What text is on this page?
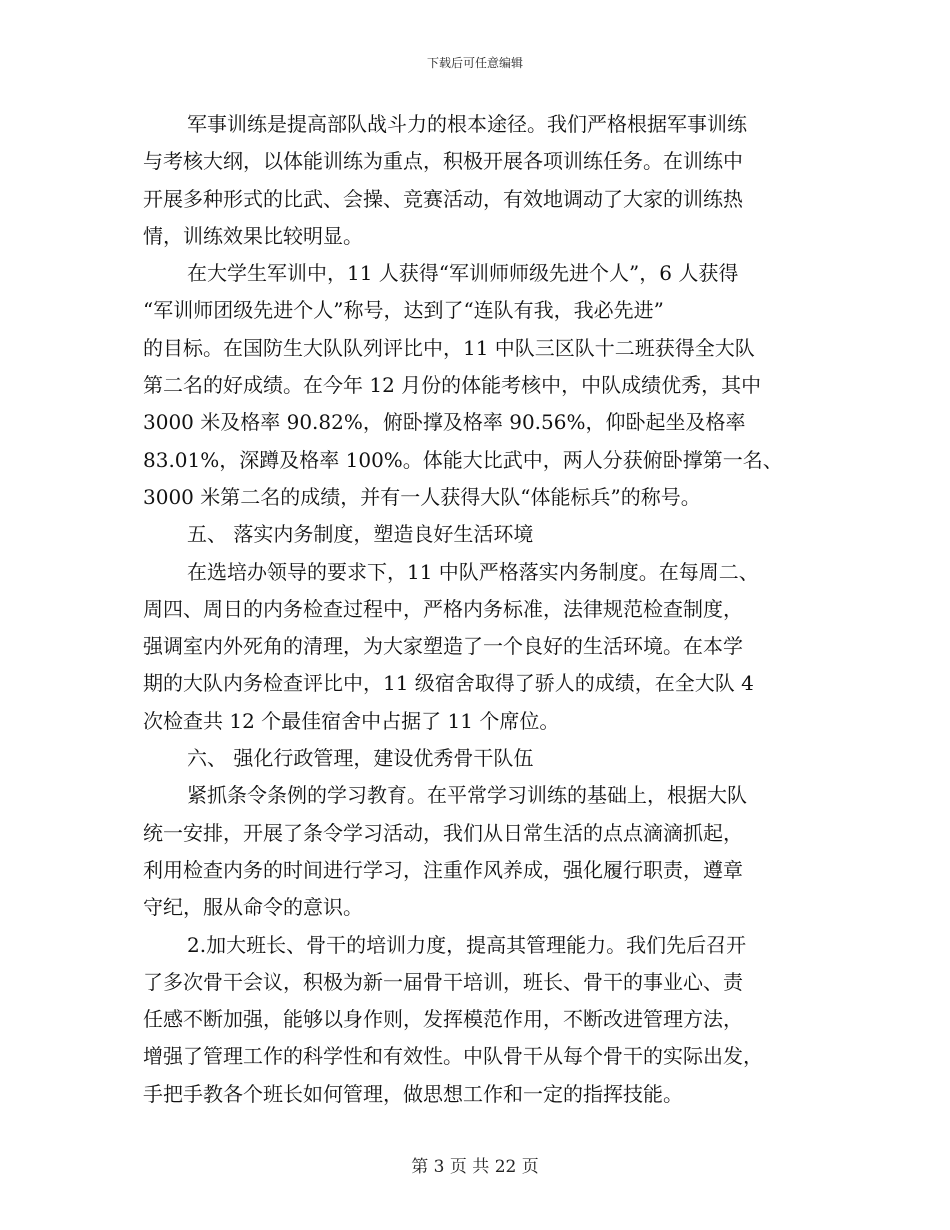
下载后可任意编辑
军事训练是提高部队战斗力的根本途径。我们严格根据军事训练
与考核大纲，以体能训练为重点，积极开展各项训练任务。在训练中
开展多种形式的比武、会操、竞赛活动，有效地调动了大家的训练热
情，训练效果比较明显。
在大学生军训中，11 人获得“军训师师级先进个人”，6 人获得
“军训师团级先进个人”称号，达到了“连队有我，我必先进”
的目标。在国防生大队队列评比中，11 中队三区队十二班获得全大队
第二名的好成绩。在今年 12 月份的体能考核中，中队成绩优秀，其中
3000 米及格率 90.82%，俯卧撑及格率 90.56%，仰卧起坐及格率
83.01%，深蹲及格率 100%。体能大比武中，两人分获俯卧撑第一名、
3000 米第二名的成绩，并有一人获得大队“体能标兵”的称号。
五、 落实内务制度，塑造良好生活环境
在选培办领导的要求下，11 中队严格落实内务制度。在每周二、
周四、周日的内务检查过程中，严格内务标准，法律规范检查制度，
强调室内外死角的清理，为大家塑造了一个良好的生活环境。在本学
期的大队内务检查评比中，11 级宿舍取得了骄人的成绩，在全大队 4
次检查共 12 个最佳宿舍中占据了 11 个席位。
六、 强化行政管理，建设优秀骨干队伍
紧抓条令条例的学习教育。在平常学习训练的基础上，根据大队
统一安排，开展了条令学习活动，我们从日常生活的点点滴滴抓起，
利用检查内务的时间进行学习，注重作风养成，强化履行职责，遵章
守纪，服从命令的意识。
2.加大班长、骨干的培训力度，提高其管理能力。我们先后召开
了多次骨干会议，积极为新一届骨干培训，班长、骨干的事业心、责
任感不断加强，能够以身作则，发挥模范作用，不断改进管理方法，
增强了管理工作的科学性和有效性。中队骨干从每个骨干的实际出发，
手把手教各个班长如何管理，做思想工作和一定的指挥技能。
第 3 页 共 22 页
